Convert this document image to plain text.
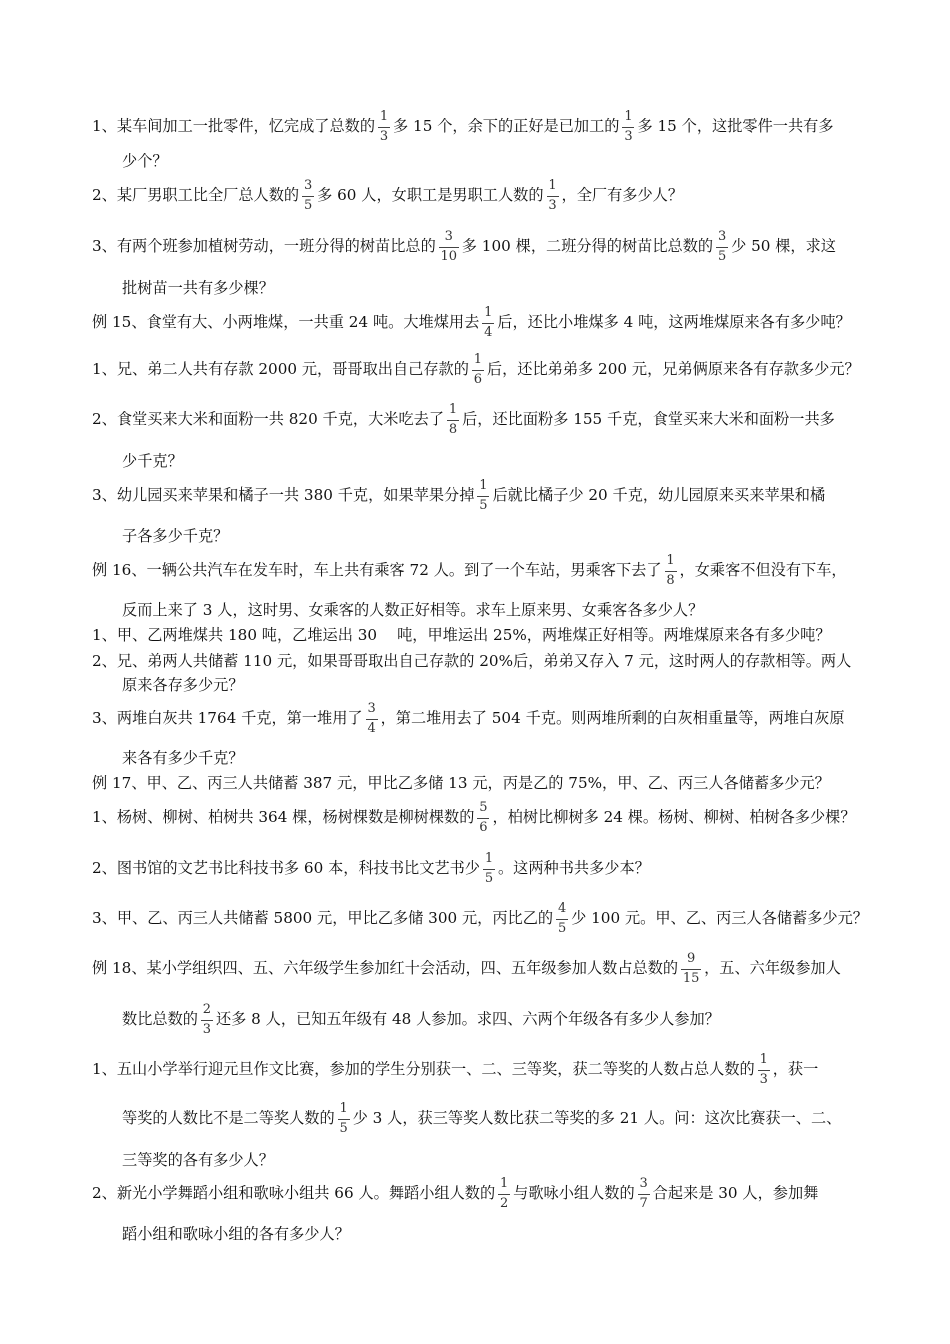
1、某车间加工一批零件，忆完成了总数的 $\frac{1}{3}$ 多 15 个，余下的正好是已加工的 $\frac{1}{3}$ 多 15 个，这批零件一共有多
少个？
2、某厂男职工比全厂总人数的 $\frac{3}{5}$ 多 60 人，女职工是男职工人数的 $\frac{1}{3}$ ，全厂有多少人？
3、有两个班参加植树劳动，一班分得的树苗比总的 $\frac{3}{10}$ 多 100 棵，二班分得的树苗比总数的 $\frac{3}{5}$ 少 50 棵，求这
批树苗一共有多少棵？
例 15、食堂有大、小两堆煤，一共重 24 吨。大堆煤用去 $\frac{1}{4}$ 后，还比小堆煤多 4 吨，这两堆煤原来各有多少吨？
1、兄、弟二人共有存款 2000 元，哥哥取出自己存款的 $\frac{1}{6}$ 后，还比弟弟多 200 元，兄弟俩原来各有存款多少元？
2、食堂买来大米和面粉一共 820 千克，大米吃去了 $\frac{1}{8}$ 后，还比面粉多 155 千克，食堂买来大米和面粉一共多
少千克？
3、幼儿园买来苹果和橘子一共 380 千克，如果苹果分掉 $\frac{1}{5}$ 后就比橘子少 20 千克，幼儿园原来买来苹果和橘
子各多少千克？
例 16、一辆公共汽车在发车时，车上共有乘客 72 人。到了一个车站，男乘客下去了 $\frac{1}{8}$ ，女乘客不但没有下车，
反而上来了 3 人，这时男、女乘客的人数正好相等。求车上原来男、女乘客各多少人？
1、甲、乙两堆煤共 180 吨，乙堆运出 30　 吨，甲堆运出 25%，两堆煤正好相等。两堆煤原来各有多少吨？
2、兄、弟两人共储蓄 110 元，如果哥哥取出自己存款的 20%后，弟弟又存入 7 元，这时两人的存款相等。两人
原来各存多少元？
3、两堆白灰共 1764 千克，第一堆用了 $\frac{3}{4}$ ，第二堆用去了 504 千克。则两堆所剩的白灰相重量等，两堆白灰原
来各有多少千克？
例 17、甲、乙、丙三人共储蓄 387 元，甲比乙多储 13 元，丙是乙的 75%，甲、乙、丙三人各储蓄多少元？
1、杨树、柳树、柏树共 364 棵，杨树棵数是柳树棵数的 $\frac{5}{6}$ ，柏树比柳树多 24 棵。杨树、柳树、柏树各多少棵？
2、图书馆的文艺书比科技书多 60 本，科技书比文艺书少 $\frac{1}{5}$ 。这两种书共多少本？
3、甲、乙、丙三人共储蓄 5800 元，甲比乙多储 300 元，丙比乙的 $\frac{4}{5}$ 少 100 元。甲、乙、丙三人各储蓄多少元？
例 18、某小学组织四、五、六年级学生参加红十会活动，四、五年级参加人数占总数的 $\frac{9}{15}$ ，五、六年级参加人
数比总数的 $\frac{2}{3}$ 还多 8 人，已知五年级有 48 人参加。求四、六两个年级各有多少人参加？
1、五山小学举行迎元旦作文比赛，参加的学生分别获一、二、三等奖，获二等奖的人数占总人数的 $\frac{1}{3}$ ，获一
等奖的人数比不是二等奖人数的 $\frac{1}{5}$ 少 3 人，获三等奖人数比获二等奖的多 21 人。问：这次比赛获一、二、
三等奖的各有多少人？
2、新光小学舞蹈小组和歌咏小组共 66 人。舞蹈小组人数的 $\frac{1}{2}$ 与歌咏小组人数的 $\frac{3}{7}$ 合起来是 30 人，参加舞
蹈小组和歌咏小组的各有多少人？
